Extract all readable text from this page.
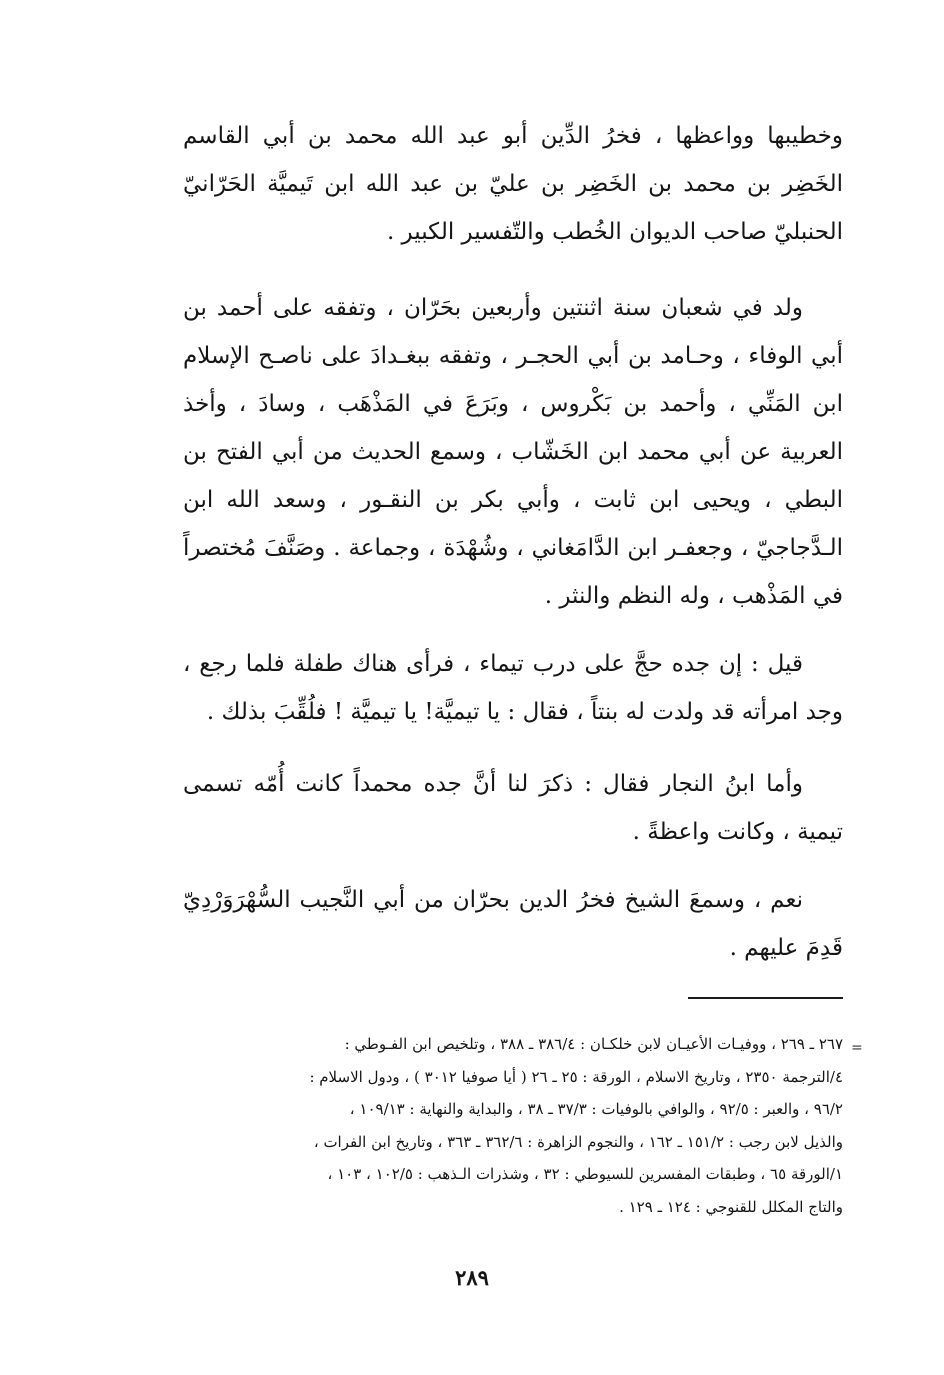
وخطيبها وواعظها ، فخرُ الدِّين أبو عبد الله محمد بن أبي القاسم الخَضِر بن محمد بن الخَضِر بن عليّ بن عبد الله ابن تَيميَّة الحَرّانيّ الحنبليّ صاحب الديوان الخُطب والتّفسير الكبير .

ولد في شعبان سنة اثنتين وأربعين بحَرّان ، وتفقه على أحمد بن أبي الوفاء ، وحـامد بن أبي الحجـر ، وتفقه ببغـدادَ على ناصـح الإسلام ابن المَنِّي ، وأحمد بن بَكْروس ، وبَرَعَ في المَذْهَب ، وسادَ ، وأخذ العربية عن أبي محمد ابن الخَشّاب ، وسمع الحديث من أبي الفتح بن البطي ، ويحيى ابن ثابت ، وأبي بكر بن النقـور ، وسعد الله ابن الـدَّجاجيّ ، وجعفـر ابن الدَّامَغاني ، وشُهْدَة ، وجماعة . وصَنَّفَ مُختصراً في المَذْهب ، وله النظم والنثر .

قيل : إن جده حجَّ على درب تيماء ، فرأى هناك طفلة فلما رجع ، وجد امرأته قد ولدت له بنتاً ، فقال : يا تيميَّة! يا تيميَّة ! فلُقِّبَ بذلك .

وأما ابنُ النجار فقال : ذكرَ لنا أنَّ جده محمداً كانت أُمّه تسمى تيمية ، وكانت واعظةً .

نعم ، وسمعَ الشيخ فخرُ الدين بحرّان من أبي النَّجيب السُّهْرَوَرْدِيّ قَدِمَ عليهم .

=

٢٦٧ ـ ٢٦٩ ، ووفيـات الأعيـان لابن خلكـان : ٣٨٦/٤ ـ ٣٨٨ ، وتلخيص ابن الفـوطي :

٤/الترجمة ٢٣٥٠ ، وتاريخ الاسلام ، الورقة : ٢٥ ـ ٢٦ ( أيا صوفيا ٣٠١٢ ) ، ودول الاسلام :

٩٦/٢ ، والعبر : ٩٢/٥ ، والوافي بالوفيات : ٣٧/٣ ـ ٣٨ ، والبداية والنهاية : ١٠٩/١٣ ،

والذيل لابن رجب : ١٥١/٢ ـ ١٦٢ ، والنجوم الزاهرة : ٣٦٢/٦ ـ ٣٦٣ ، وتاريخ ابن الفرات ،

١/الورقة ٦٥ ، وطبقات المفسرين للسيوطي : ٣٢ ، وشذرات الـذهب : ١٠٢/٥ ، ١٠٣ ،

والتاج المكلل للقنوجي : ١٢٤ ـ ١٢٩ .

٢٨٩
